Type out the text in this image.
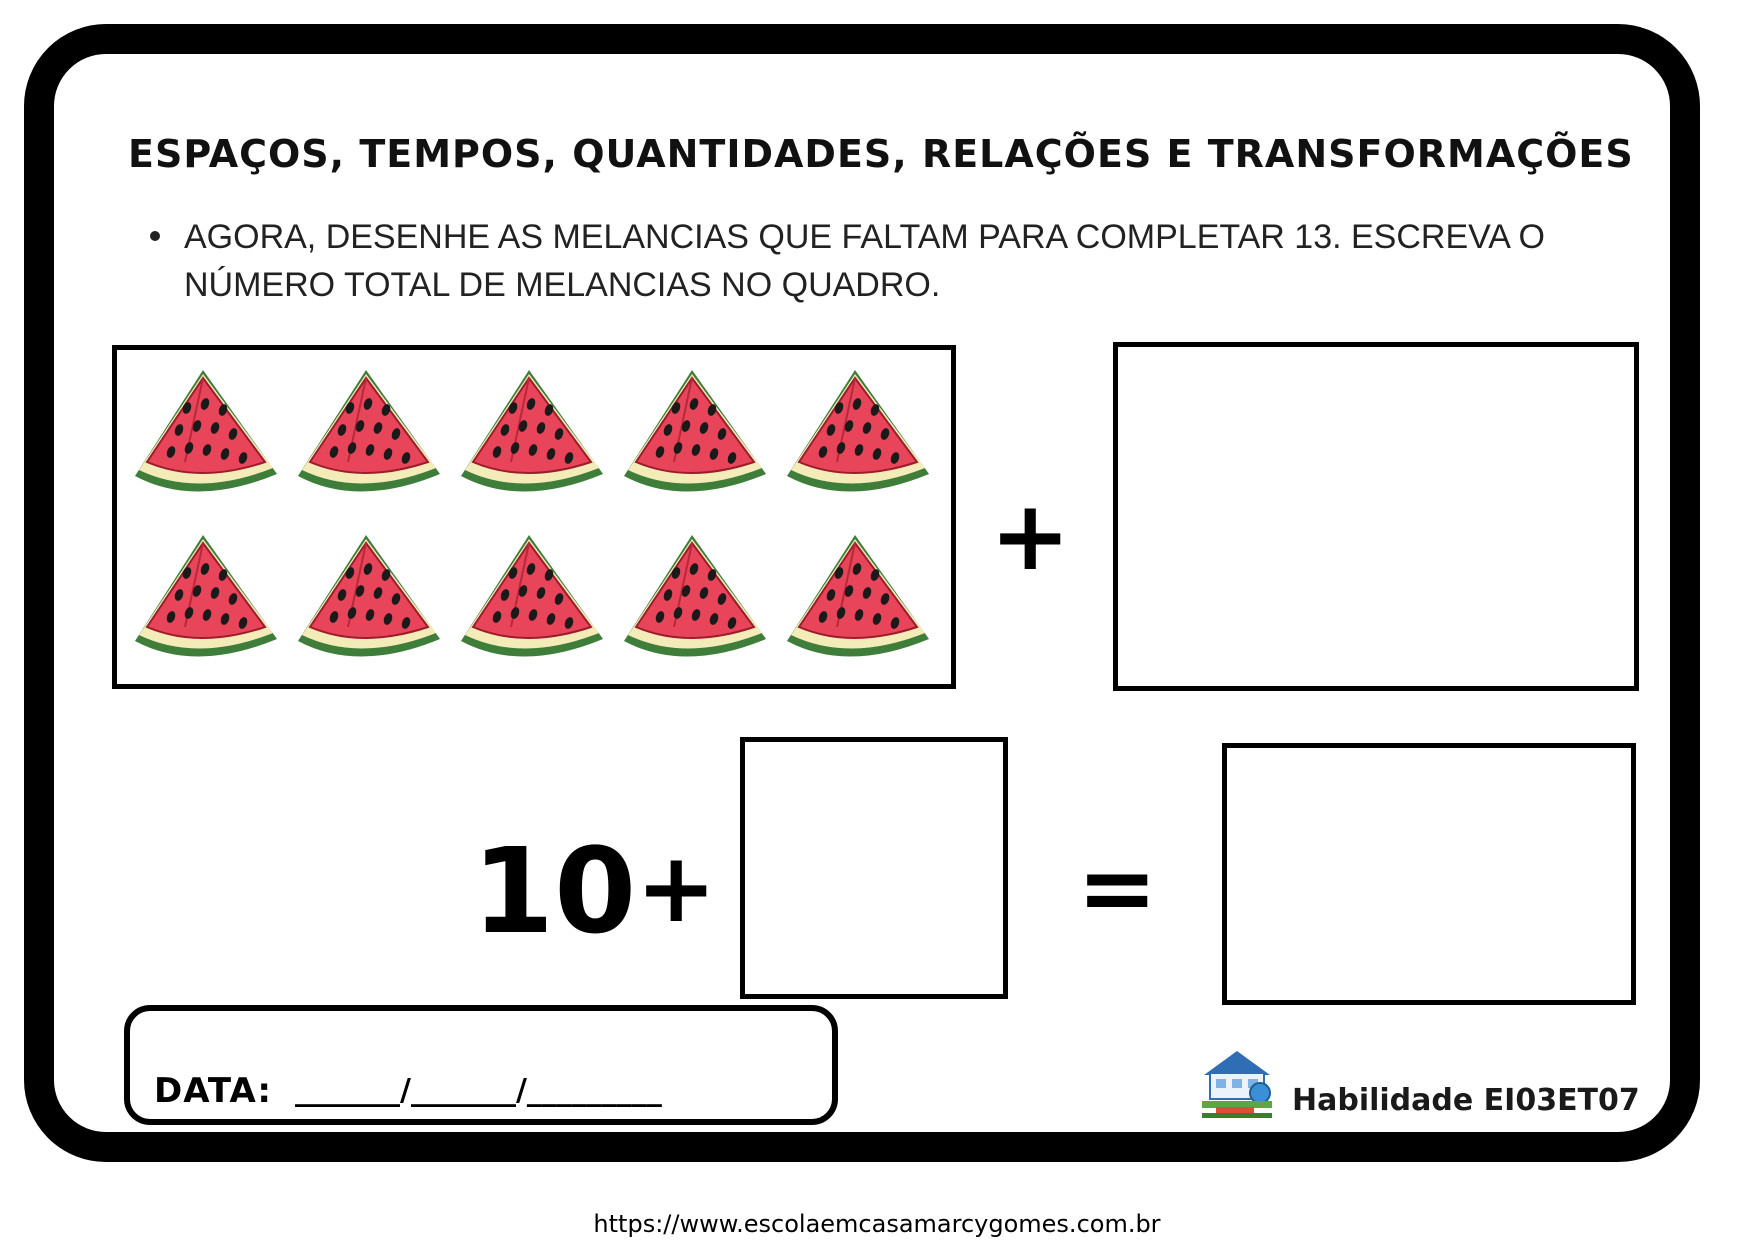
ESPAÇOS, TEMPOS, QUANTIDADES, RELAÇÕES E TRANSFORMAÇÕES
AGORA, DESENHE AS MELANCIAS QUE FALTAM PARA COMPLETAR 13. ESCREVA O NÚMERO TOTAL DE MELANCIAS NO QUADRO.
+
10 +	=
DATA: _______/_______/_________	Habilidade EI03ET07
https://www.escolaemcasamarcygomes.com.br
